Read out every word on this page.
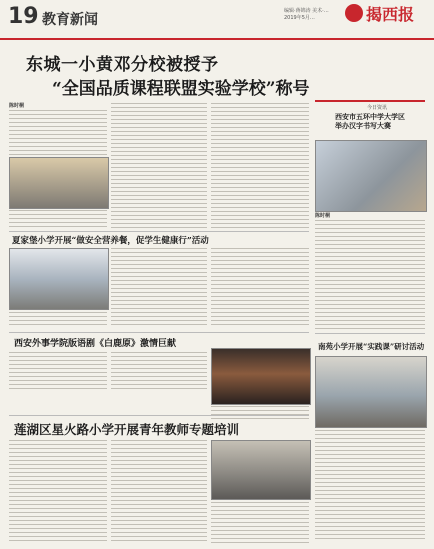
19 教育新闻
编辑·蒋锦涛 美术·…
2019年5月…	揭西报
东城一小黄邓分校被授予
“全国品质课程联盟实验学校”称号
陈时桐	今日资讯
西安市五环中学大学区
举办汉字书写大赛
陈时桐
夏家堡小学开展“做安全营养餐，促学生健康行”活动
西安外事学院版语剧《白鹿原》激情巨献	南苑小学开展“实践课”研讨活动
莲湖区星火路小学开展青年教师专题培训
